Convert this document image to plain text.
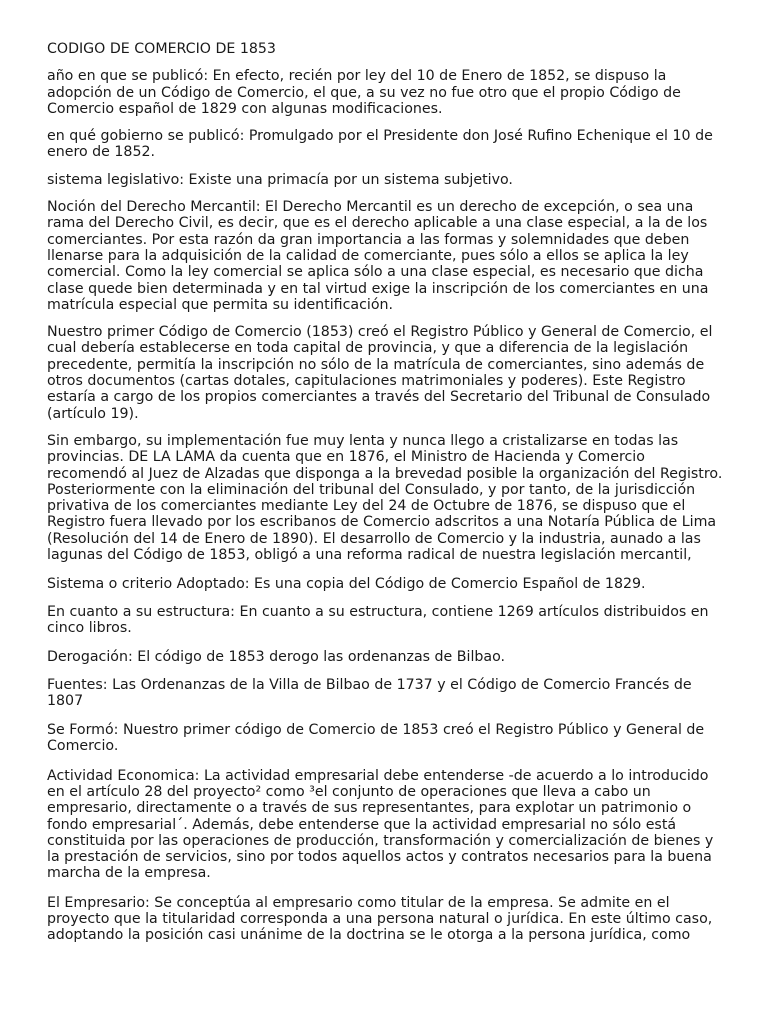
CODIGO DE COMERCIO DE 1853

año en que se publicó: En efecto, recién por ley del 10 de Enero de 1852, se dispuso la adopción de un Código de Comercio, el que, a su vez no fue otro que el propio Código de Comercio español de 1829 con algunas modificaciones.

en qué gobierno se publicó: Promulgado por el Presidente don José Rufino Echenique el 10 de enero de 1852.

sistema legislativo: Existe una primacía por un sistema subjetivo.

Noción del Derecho Mercantil: El Derecho Mercantil es un derecho de excepción, o sea una rama del Derecho Civil, es decir, que es el derecho aplicable a una clase especial, a la de los comerciantes. Por esta razón da gran importancia a las formas y solemnidades que deben llenarse para la adquisición de la calidad de comerciante, pues sólo a ellos se aplica la ley comercial. Como la ley comercial se aplica sólo a una clase especial, es necesario que dicha clase quede bien determinada y en tal virtud exige la inscripción de los comerciantes en una matrícula especial que permita su identificación.

Nuestro primer Código de Comercio (1853) creó el Registro Público y General de Comercio, el cual debería establecerse en toda capital de provincia, y que a diferencia de la legislación precedente, permitía la inscripción no sólo de la matrícula de comerciantes, sino además de otros documentos (cartas dotales, capitulaciones matrimoniales y poderes). Este Registro estaría a cargo de los propios comerciantes a través del Secretario del Tribunal de Consulado (artículo 19).

Sin embargo, su implementación fue muy lenta y nunca llego a cristalizarse en todas las provincias. DE LA LAMA da cuenta que en 1876, el Ministro de Hacienda y Comercio recomendó al Juez de Alzadas que disponga a la brevedad posible la organización del Registro. Posteriormente con la eliminación del tribunal del Consulado, y por tanto, de la jurisdicción privativa de los comerciantes mediante Ley del 24 de Octubre de 1876, se dispuso que el Registro fuera llevado por los escribanos de Comercio adscritos a una Notaría Pública de Lima (Resolución del 14 de Enero de 1890). El desarrollo de Comercio y la industria, aunado a las lagunas del Código de 1853, obligó a una reforma radical de nuestra legislación mercantil,

Sistema o criterio Adoptado: Es una copia del Código de Comercio Español de 1829.

En cuanto a su estructura: En cuanto a su estructura, contiene 1269 artículos distribuidos en cinco libros.

Derogación: El código de 1853 derogo las ordenanzas de Bilbao.

Fuentes: Las Ordenanzas de la Villa de Bilbao de 1737 y el Código de Comercio Francés de 1807

Se Formó: Nuestro primer código de Comercio de 1853 creó el Registro Público y General de Comercio.

Actividad Economica: La actividad empresarial debe entenderse -de acuerdo a lo introducido en el artículo 28 del proyecto² como ³el conjunto de operaciones que lleva a cabo un empresario, directamente o a través de sus representantes, para explotar un patrimonio o fondo empresarial´. Además, debe entenderse que la actividad empresarial no sólo está constituida por las operaciones de producción, transformación y comercialización de bienes y la prestación de servicios, sino por todos aquellos actos y contratos necesarios para la buena marcha de la empresa.

El Empresario: Se conceptúa al empresario como titular de la empresa. Se admite en el proyecto que la titularidad corresponda a una persona natural o jurídica. En este último caso, adoptando la posición casi unánime de la doctrina se le otorga a la persona jurídica, como
